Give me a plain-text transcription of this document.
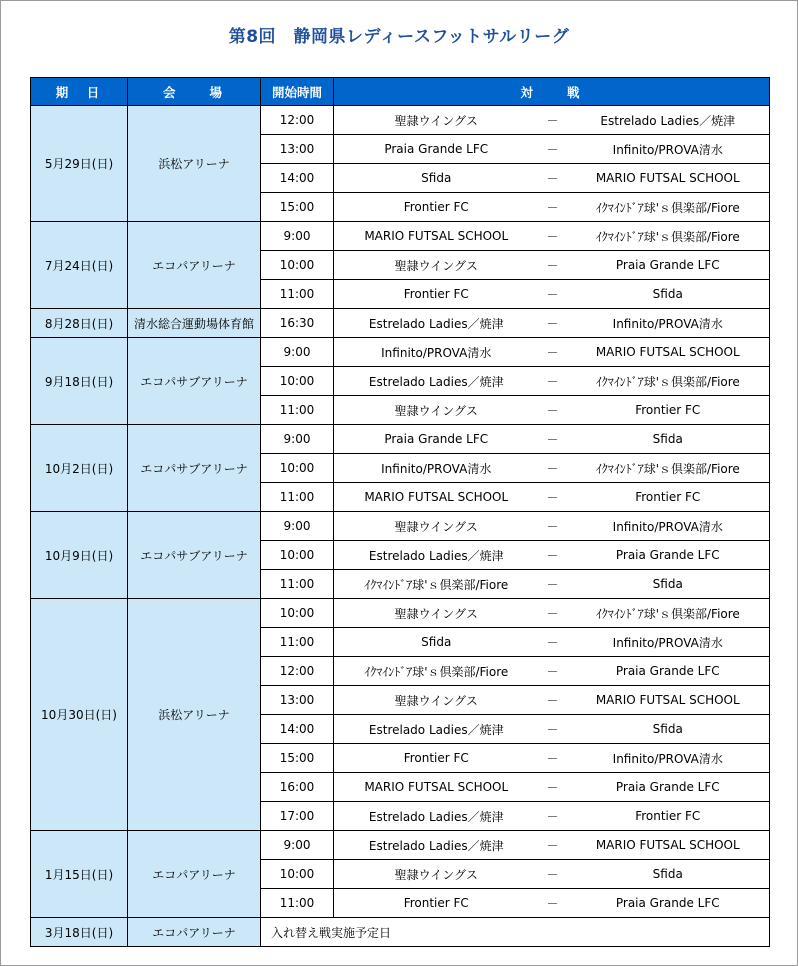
第8回　静岡県レディースフットサルリーグ
期　日	会　　場	開始時間	対　　戦		
5月29日(日)	浜松アリーナ	12:00	聖隷ウイングス	－	Estrelado Ladies／焼津
		13:00	Praia Grande LFC	－	Infinito/PROVA清水
		14:00	Sfida	－	MARIO FUTSAL SCHOOL
		15:00	Frontier FC	－	ｲｸﾏｲﾝﾄﾞｱ球'ｓ倶楽部/Fiore
7月24日(日)	エコパアリーナ	9:00	MARIO FUTSAL SCHOOL	－	ｲｸﾏｲﾝﾄﾞｱ球'ｓ倶楽部/Fiore
		10:00	聖隷ウイングス	－	Praia Grande LFC
		11:00	Frontier FC	－	Sfida
8月28日(日)	清水総合運動場体育館	16:30	Estrelado Ladies／焼津	－	Infinito/PROVA清水
9月18日(日)	エコパサブアリーナ	9:00	Infinito/PROVA清水	－	MARIO FUTSAL SCHOOL
		10:00	Estrelado Ladies／焼津	－	ｲｸﾏｲﾝﾄﾞｱ球'ｓ倶楽部/Fiore
		11:00	聖隷ウイングス	－	Frontier FC
10月2日(日)	エコパサブアリーナ	9:00	Praia Grande LFC	－	Sfida
		10:00	Infinito/PROVA清水	－	ｲｸﾏｲﾝﾄﾞｱ球'ｓ倶楽部/Fiore
		11:00	MARIO FUTSAL SCHOOL	－	Frontier FC
10月9日(日)	エコパサブアリーナ	9:00	聖隷ウイングス	－	Infinito/PROVA清水
		10:00	Estrelado Ladies／焼津	－	Praia Grande LFC
		11:00	ｲｸﾏｲﾝﾄﾞｱ球'ｓ倶楽部/Fiore	－	Sfida
10月30日(日)	浜松アリーナ	10:00	聖隷ウイングス	－	ｲｸﾏｲﾝﾄﾞｱ球'ｓ倶楽部/Fiore
		11:00	Sfida	－	Infinito/PROVA清水
		12:00	ｲｸﾏｲﾝﾄﾞｱ球'ｓ倶楽部/Fiore	－	Praia Grande LFC
		13:00	聖隷ウイングス	－	MARIO FUTSAL SCHOOL
		14:00	Estrelado Ladies／焼津	－	Sfida
		15:00	Frontier FC	－	Infinito/PROVA清水
		16:00	MARIO FUTSAL SCHOOL	－	Praia Grande LFC
		17:00	Estrelado Ladies／焼津	－	Frontier FC
1月15日(日)	エコパアリーナ	9:00	Estrelado Ladies／焼津	－	MARIO FUTSAL SCHOOL
		10:00	聖隷ウイングス	－	Sfida
		11:00	Frontier FC	－	Praia Grande LFC
3月18日(日)	エコパアリーナ	入れ替え戦実施予定日			
